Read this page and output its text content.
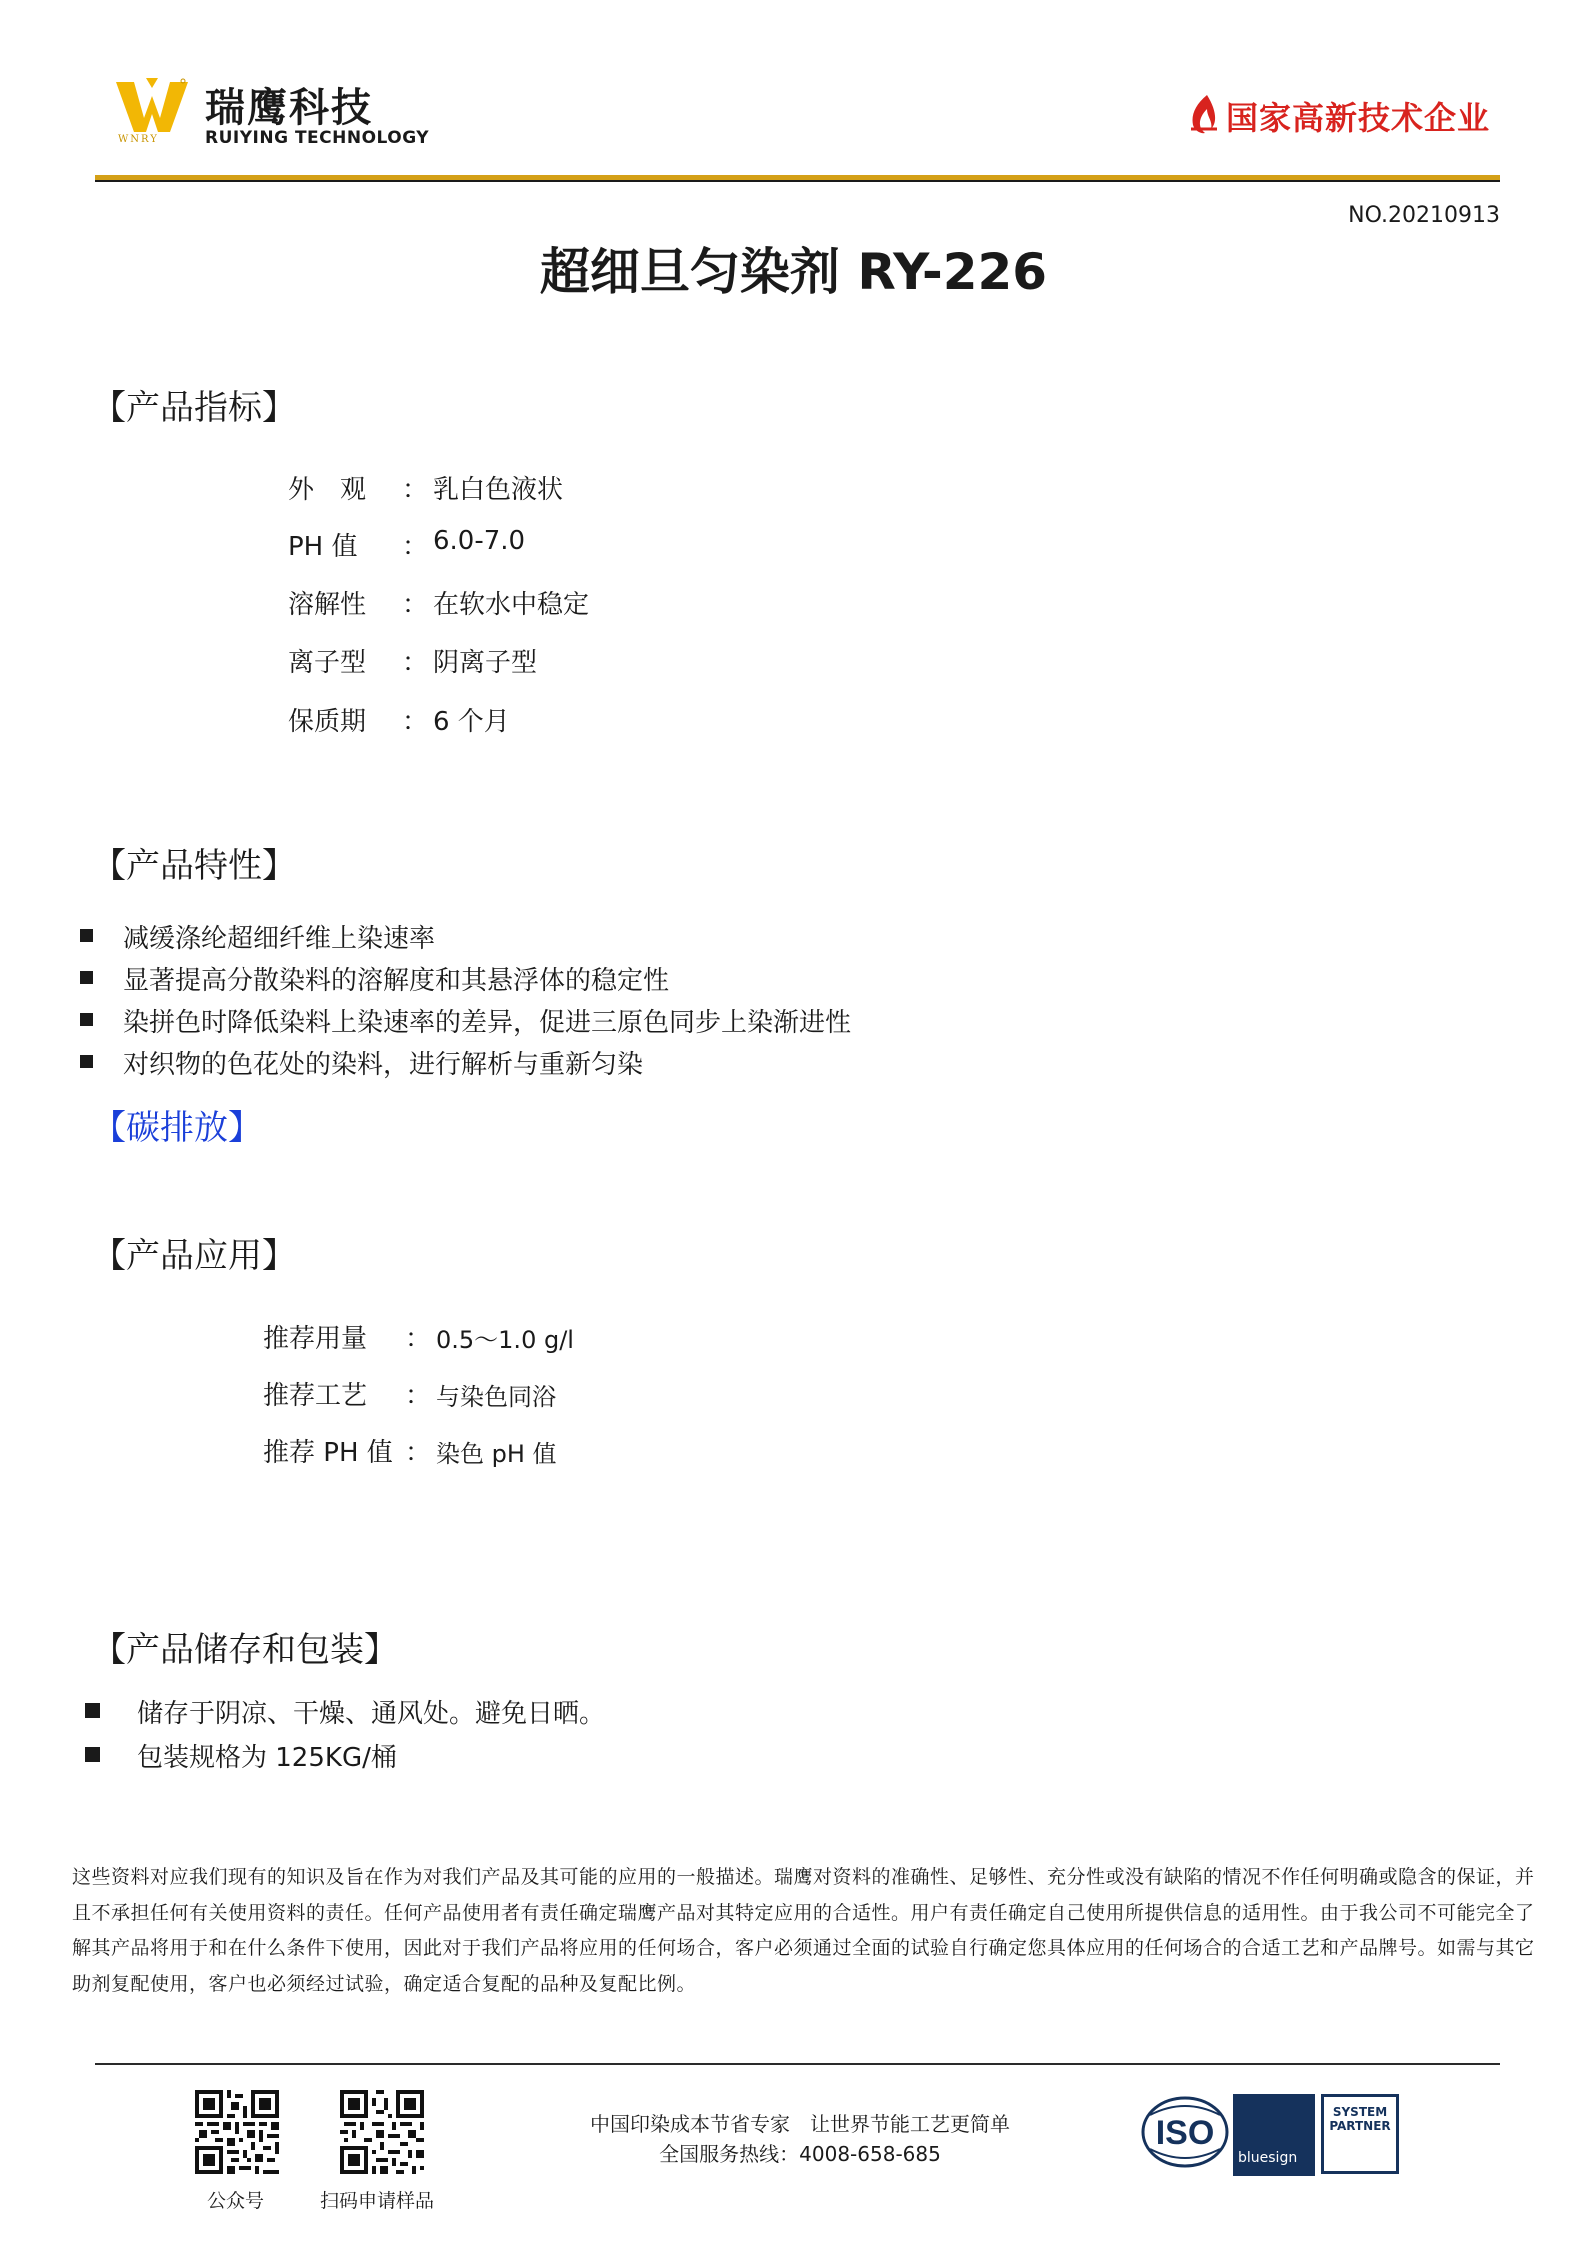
WNRY
瑞鹰科技
RUIYING TECHNOLOGY
国家高新技术企业
NO.20210913
超细旦匀染剂 RY-226
【产品指标】
外　观	： 乳白色液状
PH 值	： 6.0-7.0
溶解性	： 在软水中稳定
离子型	： 阴离子型
保质期	： 6 个月
【产品特性】
减缓涤纶超细纤维上染速率
显著提高分散染料的溶解度和其悬浮体的稳定性
染拼色时降低染料上染速率的差异，促进三原色同步上染渐进性
对织物的色花处的染料，进行解析与重新匀染
【碳排放】
【产品应用】
推荐用量 ： 0.5～1.0 g/l
推荐工艺 ： 与染色同浴
推荐 PH 值 ： 染色 pH 值
【产品储存和包装】
储存于阴凉、干燥、通风处。避免日晒。
包装规格为 125KG/桶
这些资料对应我们现有的知识及旨在作为对我们产品及其可能的应用的一般描述。瑞鹰对资料的准确性、足够性、充分性或没有缺陷的情况不作任何明确或隐含的保证，并且不承担任何有关使用资料的责任。任何产品使用者有责任确定瑞鹰产品对其特定应用的合适性。用户有责任确定自己使用所提供信息的适用性。由于我公司不可能完全了解其产品将用于和在什么条件下使用，因此对于我们产品将应用的任何场合，客户必须通过全面的试验自行确定您具体应用的任何场合的合适工艺和产品牌号。如需与其它助剂复配使用，客户也必须经过试验，确定适合复配的品种及复配比例。
公众号	扫码申请样品
中国印染成本节省专家　让世界节能工艺更简单
全国服务热线：4008-658-685
ISO
bluesign
SYSTEM
PARTNER
